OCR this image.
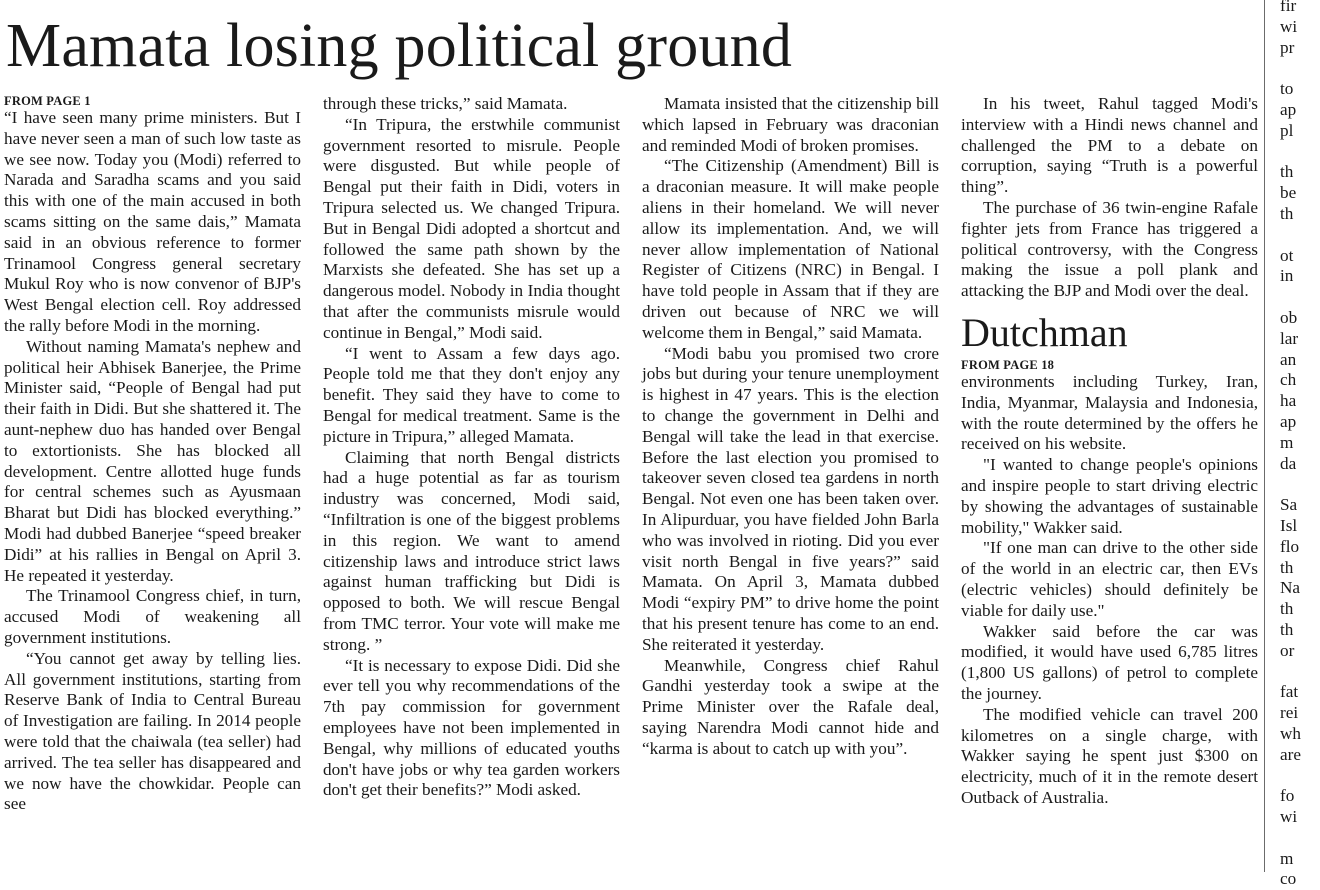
Mamata losing political ground
FROM PAGE 1

“I have seen many prime ministers. But I have never seen a man of such low taste as we see now. Today you (Modi) referred to Narada and Saradha scams and you said this with one of the main accused in both scams sitting on the same dais,” Mamata said in an obvious reference to former Trinamool Congress general secretary Mukul Roy who is now convenor of BJP's West Bengal election cell. Roy addressed the rally before Modi in the morning.

Without naming Mamata's nephew and political heir Abhisek Banerjee, the Prime Minister said, “People of Bengal had put their faith in Didi. But she shattered it. The aunt-nephew duo has handed over Bengal to extortionists. She has blocked all development. Centre allotted huge funds for central schemes such as Ayusmaan Bharat but Didi has blocked everything.” Modi had dubbed Banerjee “speed breaker Didi” at his rallies in Bengal on April 3. He repeated it yesterday.

The Trinamool Congress chief, in turn, accused Modi of weakening all government institutions.

“You cannot get away by telling lies. All government institutions, starting from Reserve Bank of India to Central Bureau of Investigation are failing. In 2014 people were told that the chaiwala (tea seller) had arrived. The tea seller has disappeared and we now have the chowkidar. People can see

through these tricks,” said Mamata.

“In Tripura, the erstwhile communist government resorted to misrule. People were disgusted. But while people of Bengal put their faith in Didi, voters in Tripura selected us. We changed Tripura. But in Bengal Didi adopted a shortcut and followed the same path shown by the Marxists she defeated. She has set up a dangerous model. Nobody in India thought that after the communists misrule would continue in Bengal,” Modi said.

“I went to Assam a few days ago. People told me that they don't enjoy any benefit. They said they have to come to Bengal for medical treatment. Same is the picture in Tripura,” alleged Mamata.

Claiming that north Bengal districts had a huge potential as far as tourism industry was concerned, Modi said, “Infiltration is one of the biggest problems in this region. We want to amend citizenship laws and introduce strict laws against human trafficking but Didi is opposed to both. We will rescue Bengal from TMC terror. Your vote will make me strong. ”

“It is necessary to expose Didi. Did she ever tell you why recommendations of the 7th pay commission for government employees have not been implemented in Bengal, why millions of educated youths don't have jobs or why tea garden workers don't get their benefits?” Modi asked.

Mamata insisted that the citizenship bill which lapsed in February was draconian and reminded Modi of broken promises.

“The Citizenship (Amendment) Bill is a draconian measure. It will make people aliens in their homeland. We will never allow its implementation. And, we will never allow implementation of National Register of Citizens (NRC) in Bengal. I have told people in Assam that if they are driven out because of NRC we will welcome them in Bengal,” said Mamata.

“Modi babu you promised two crore jobs but during your tenure unemployment is highest in 47 years. This is the election to change the government in Delhi and Bengal will take the lead in that exercise. Before the last election you promised to takeover seven closed tea gardens in north Bengal. Not even one has been taken over. In Alipurduar, you have fielded John Barla who was involved in rioting. Did you ever visit north Bengal in five years?” said Mamata. On April 3, Mamata dubbed Modi “expiry PM” to drive home the point that his present tenure has come to an end. She reiterated it yesterday.

Meanwhile, Congress chief Rahul Gandhi yesterday took a swipe at the Prime Minister over the Rafale deal, saying Narendra Modi cannot hide and “karma is about to catch up with you”.

In his tweet, Rahul tagged Modi's interview with a Hindi news channel and challenged the PM to a debate on corruption, saying “Truth is a powerful thing”.

The purchase of 36 twin-engine Rafale fighter jets from France has triggered a political controversy, with the Congress making the issue a poll plank and attacking the BJP and Modi over the deal.

Dutchman
FROM PAGE 18

environments including Turkey, Iran, India, Myanmar, Malaysia and Indonesia, with the route determined by the offers he received on his website.

"I wanted to change people's opinions and inspire people to start driving electric by showing the advantages of sustainable mobility," Wakker said.

"If one man can drive to the other side of the world in an electric car, then EVs (electric vehicles) should definitely be viable for daily use."

Wakker said before the car was modified, it would have used 6,785 litres (1,800 US gallons) of petrol to complete the journey.

The modified vehicle can travel 200 kilometres on a single charge, with Wakker saying he spent just $300 on electricity, much of it in the remote desert Outback of Australia.

fir
wi
pr
to
ap
pl
th
be
th
ot
in
ob
lar
an
ch
ha
ap
m
da
Sa
Isl
flo
th
Na
th
th
or
fat
rei
wh
are
fo
wi
m
co
